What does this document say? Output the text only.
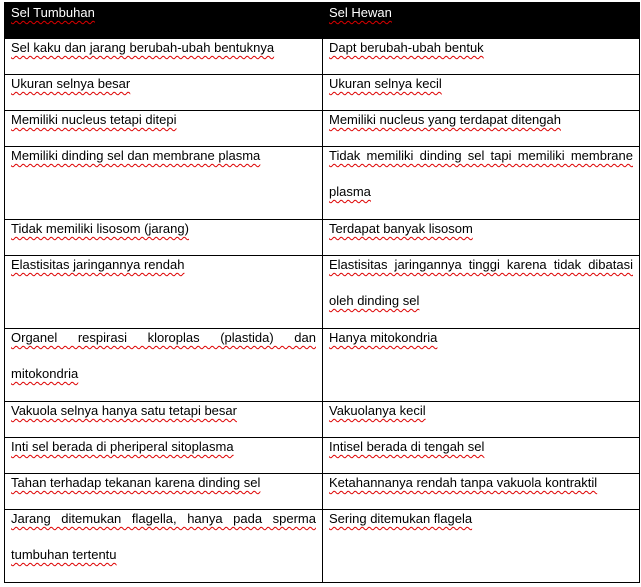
Sel Tumbuhan	Sel Hewan

Sel kaku dan jarang berubah-ubah bentuknya	Dapt berubah-ubah bentuk

Ukuran selnya besar	Ukuran selnya kecil

Memiliki nucleus tetapi ditepi	Memiliki nucleus yang terdapat ditengah

Memiliki dinding sel dan membrane plasma	Tidak memiliki dinding sel tapi memiliki membrane plasma

Tidak memiliki lisosom (jarang)	Terdapat banyak lisosom

Elastisitas jaringannya rendah	Elastisitas jaringannya tinggi karena tidak dibatasi oleh dinding sel

Organel respirasi kloroplas (plastida) dan mitokondria	Hanya mitokondria

Vakuola selnya hanya satu tetapi besar	Vakuolanya kecil

Inti sel berada di pheriperal sitoplasma	Intisel berada di tengah sel

Tahan terhadap tekanan karena dinding sel	Ketahannanya rendah tanpa vakuola kontraktil

Jarang ditemukan flagella, hanya pada sperma tumbuhan tertentu	Sering ditemukan flagela
